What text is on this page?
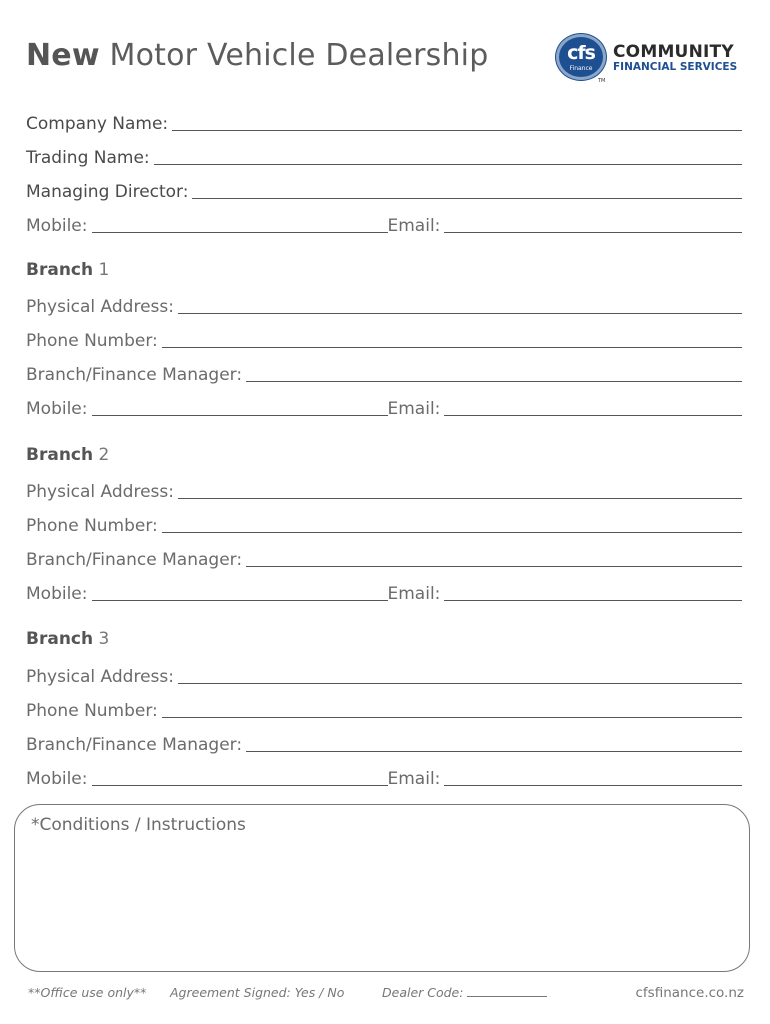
New Motor Vehicle Dealership	cfs
Finance
COMMUNITY
FINANCIAL SERVICES
TM
Company Name:
Trading Name:
Managing Director:
Mobile:	Email:
Branch 1
Physical Address:
Phone Number:
Branch/Finance Manager:
Mobile:	Email:
Branch 2
Physical Address:
Phone Number:
Branch/Finance Manager:
Mobile:	Email:
Branch 3
Physical Address:
Phone Number:
Branch/Finance Manager:
Mobile:	Email:
*Conditions / Instructions
**Office use only** Agreement Signed: Yes / No	Dealer Code:	cfsfinance.co.nz
